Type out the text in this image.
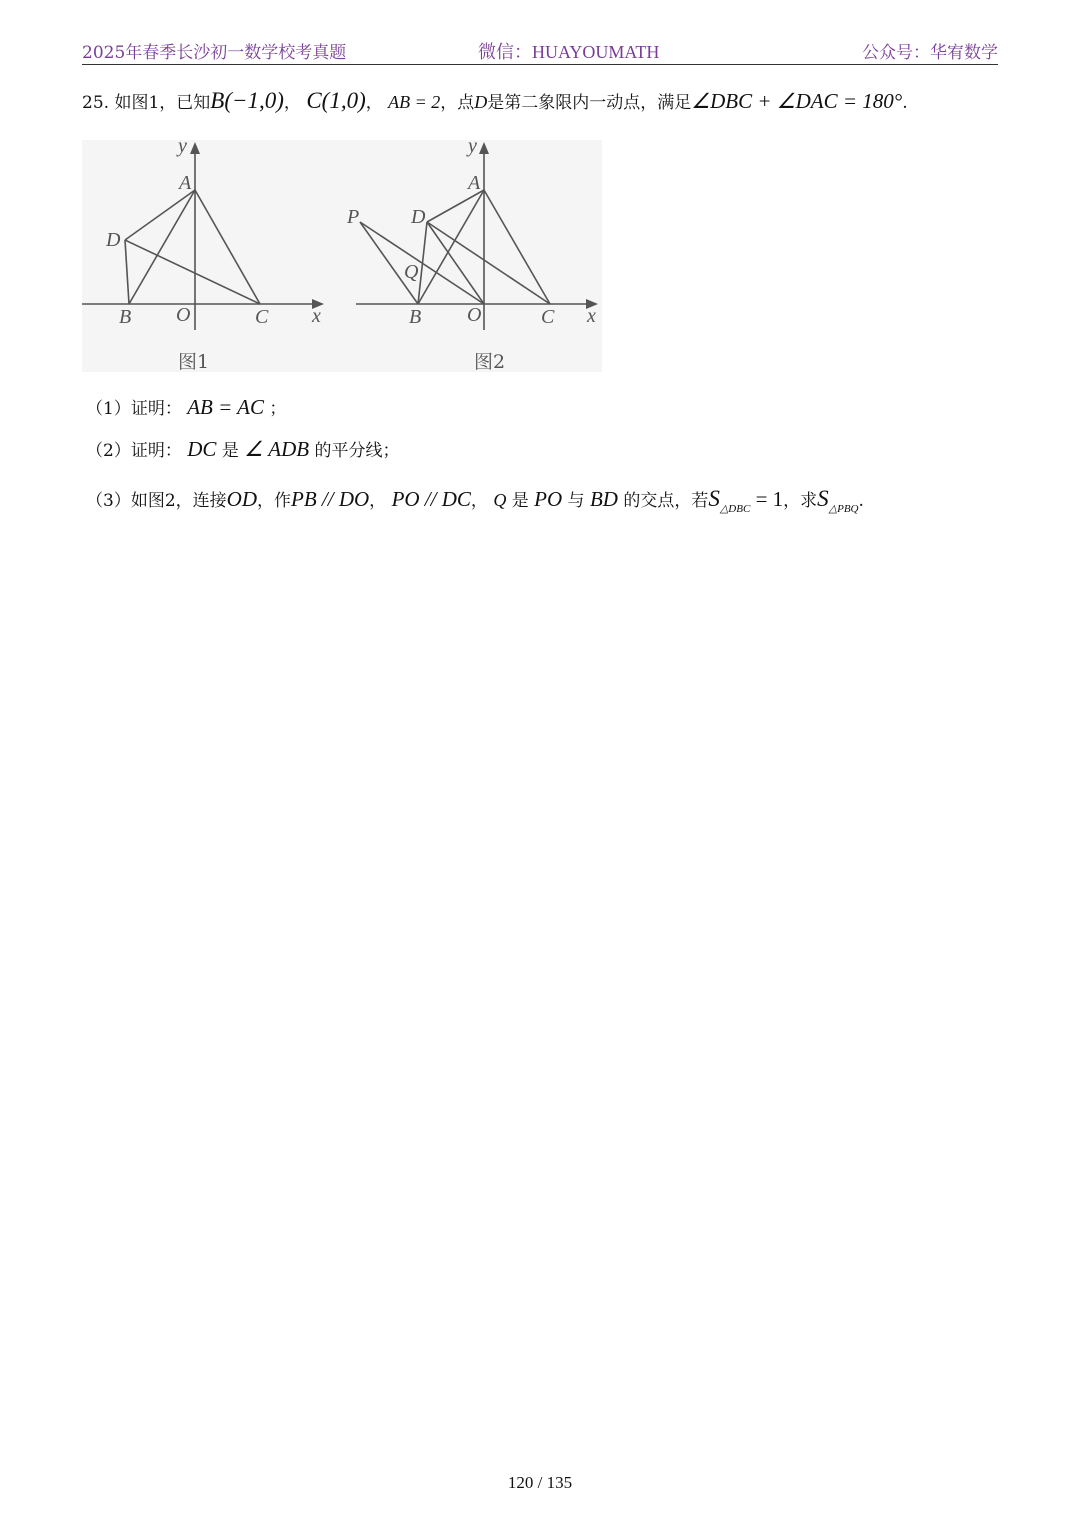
2025年春季长沙初一数学校考真题	微信：HUAYOUMATH	公众号：华宥数学
25. 如图1，已知B(−1,0)， C(1,0)， AB = 2，点D是第二象限内一动点，满足∠DBC + ∠DAC = 180°.
y
A
D
B O	C x
图1
y
A
P	D
Q
B O	C x
图2
（1）证明： AB = AC ；
（2）证明： DC 是 ∠ ADB 的平分线；
（3）如图2，连接OD，作PB // DO， PO // DC， Q 是 PO 与 BD 的交点，若$S_{\triangle DBC} = 1$，求$S_{\triangle PBQ}$.
120 / 135
